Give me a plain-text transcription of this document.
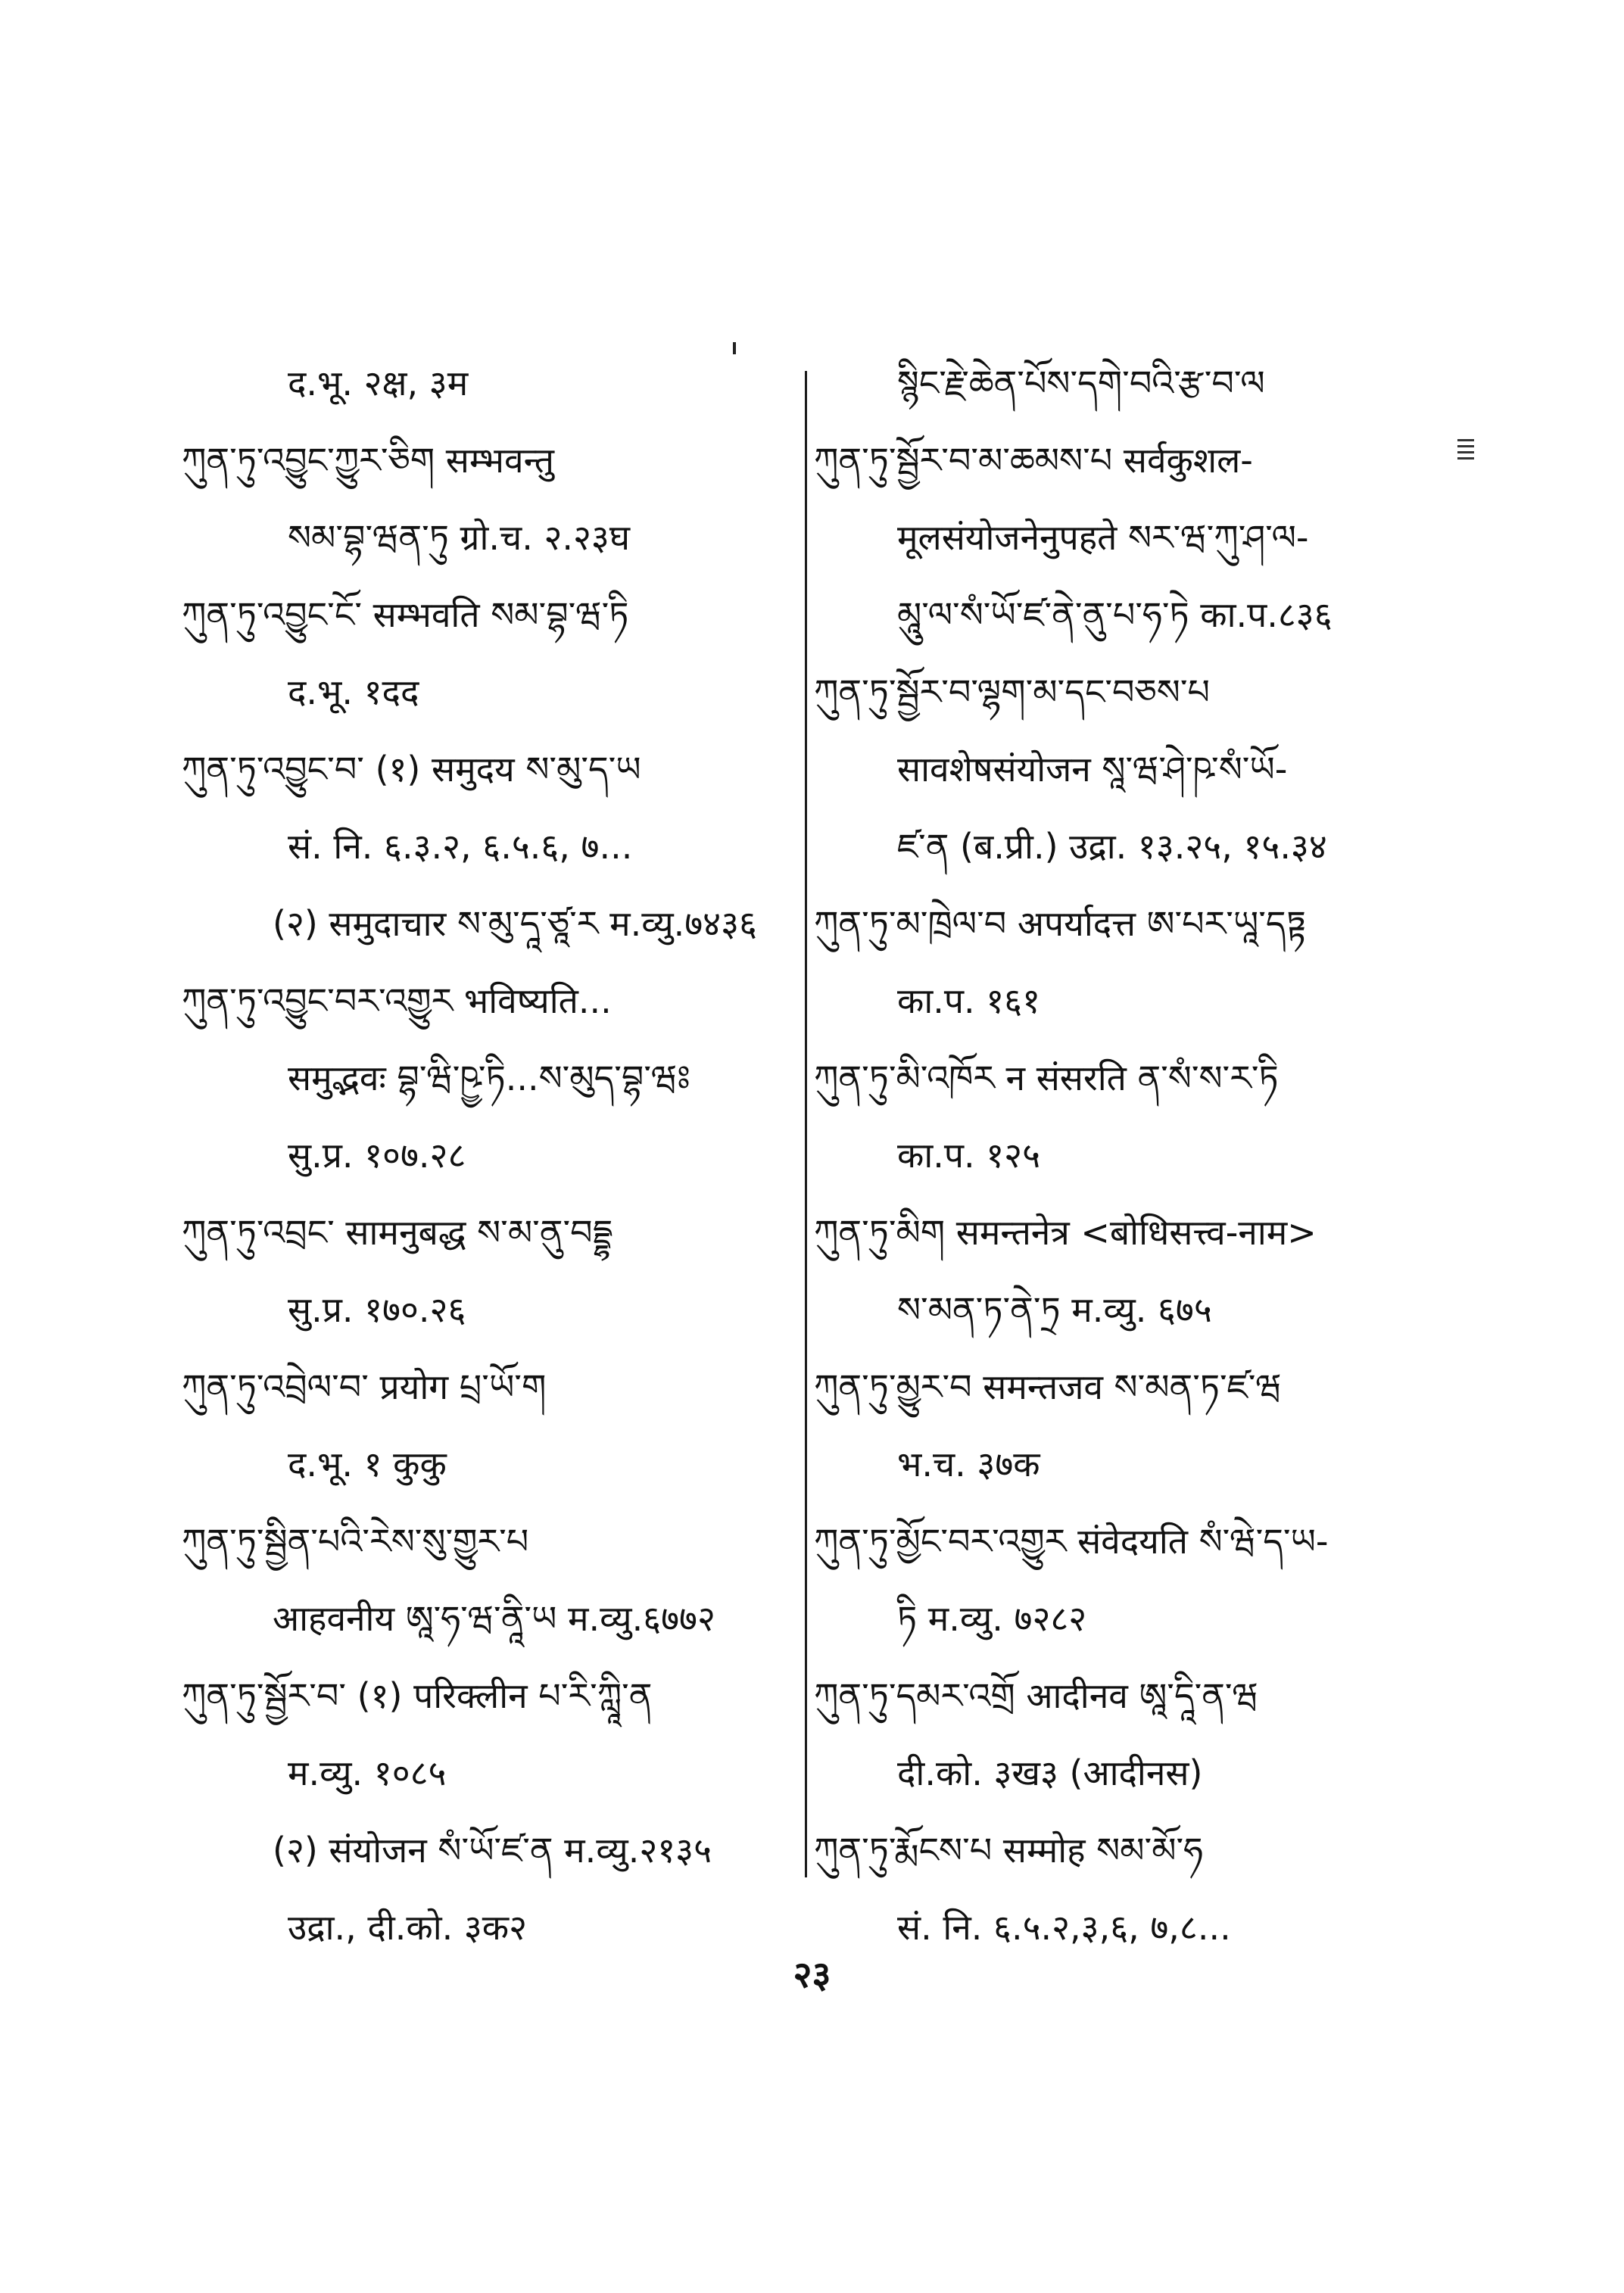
द.भू. २क्ष, ३म
ཀུན་ཏུ་འབྱུང་ཀྱུར་ཅིག सम्भवन्तु
སམ་བྷ་ཝན་ཏུ ग्रो.च. २.२३घ
ཀུན་ཏུ་འབྱུང་ངོ་ सम्भवति སམ་བྷ་ཝ་ཏི
द.भू. १दद
ཀུན་ཏུ་འབྱུང་བ་ (१) समुदय ས་མུ་ད་ཡ
सं. नि. ६.३.२, ६.५.६, ७...
(२) समुदाचार ས་མུ་དཱ་ཙཱ་ར म.व्यु.७४३६
ཀུན་ཏུ་འབྱུང་བར་འགྱུར भविष्यति...
समुद्भवः བྷ་ཝི་ཥྱ་ཏི...ས་མུད་བྷ་ཝཿ
सु.प्र. १०७.२८
ཀུན་ཏུ་འབྲང་ सामनुबद्ध ས་མ་ནུ་བདྡྷ
सु.प्र. १७०.२६
ཀུན་ཏུ་འབྲེལ་བ་ प्रयोग པྲ་ཡོ་ག
द.भू. १ कुकु
ཀུན་ཏུ་སྦྱིན་པའི་རེས་སུ་གྱུར་པ
आहवनीय ཨཱ་ཧ་ཝ་ནཱི་ཡ म.व्यु.६७७२
ཀུན་ཏུ་སྦྱོར་བ་ (१) परिक्लीन པ་རི་ཀླཱི་ན
म.व्यु. १०८५
(२) संयोजन སཾ་ཡོ་ཛ་ན म.व्यु.२१३५
उद्रा., दी.को. ३क२
སྙིང་རྗེ་ཆེན་པོས་དགེ་བའི་རྩ་བ་ལ
ཀུན་ཏུ་སྦྱོར་བ་མ་ཆམས་པ सर्वकुशल-
मूलसंयोजनेनुपहते སར་ཝ་ཀུ་ཤ་ལ-
མཱུ་ལ་སཾ་ཡོ་ཛ་ནེ་ནུ་པ་ཧ་ཏེ का.प.८३६
ཀུན་ཏུ་སྦྱོར་བ་ལྷག་མ་དང་བཅས་པ
सावशेषसंयोजन སཱ་ཝ་ཤེ་ཥ་སཾ་ཡོ-
ཛ་ན (ब.प्री.) उद्रा. १३.२५, १५.३४
ཀུན་ཏུ་མ་ཁྲེལ་བ अपर्यादत्त ཨ་པར་ཡཱ་དཏྟ
का.प. १६१
ཀུན་ཏུ་མི་འཁོར न संसरति ན་སཾ་ས་ར་ཏི
का.प. १२५
ཀུན་ཏུ་མིག समन्तनेत्र <बोधिसत्त्व-नाम>
ས་མན་ཏ་ནེ་ཏྲ म.व्यु. ६७५
ཀུན་ཏུ་མྱུར་བ समन्तजव ས་མན་ཏ་ཛ་ཝ
भ.च. ३७क
ཀུན་ཏུ་མྱོང་བར་འགྱུར संवेदयति སཾ་ཝེ་ད་ཡ-
ཏི म.व्यु. ७२८२
ཀུན་ཏུ་དམར་འགྲོ आदीनव ཨཱ་དཱི་ན་ཝ
दी.को. ३ख३ (आदीनस)
ཀུན་ཏུ་རྨོངས་པ सम्मोह སམ་མོ་ཧ
सं. नि. ६.५.२,३,६, ७,८...
२३
